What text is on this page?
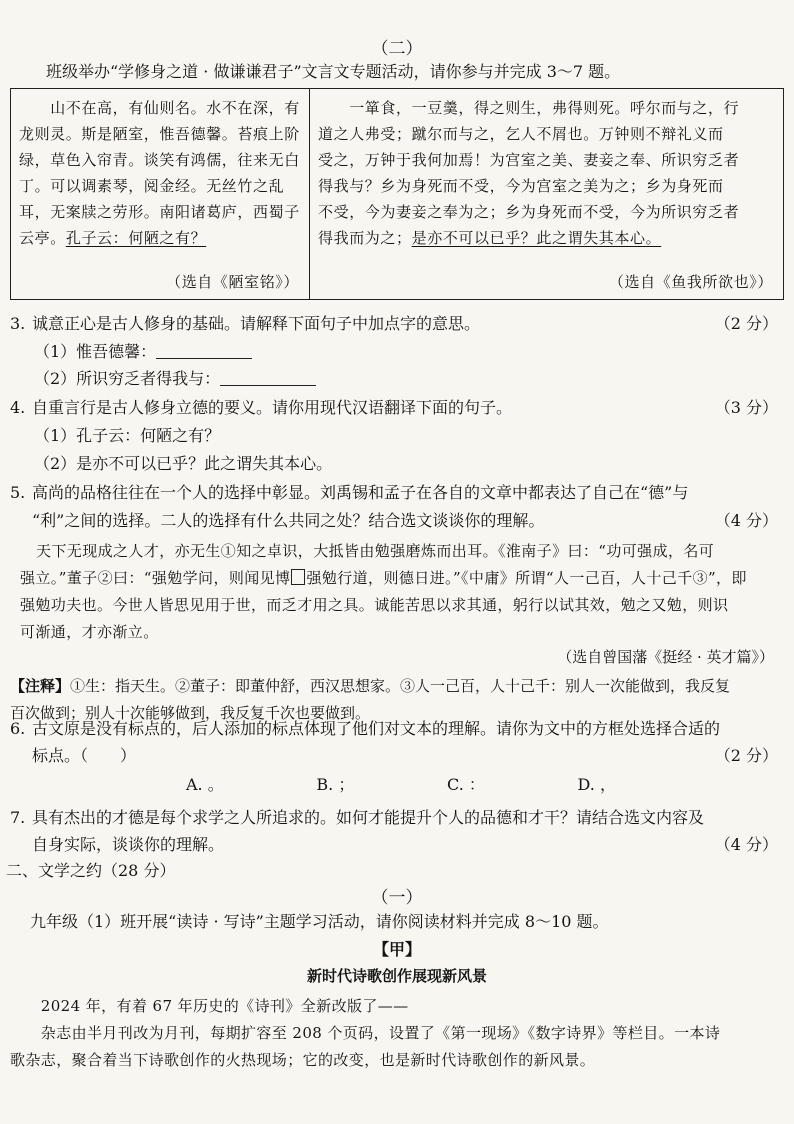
（二）
班级举办“学修身之道 · 做谦谦君子”文言文专题活动，请你参与并完成 3～7 题。
　　山不在高，有仙则名。水不在深，有
龙则灵。斯是陋室，惟吾德馨。苔痕上阶
绿，草色入帘青。谈笑有鸿儒，往来无白
丁。可以调素琴，阅金经。无丝竹之乱
耳，无案牍之劳形。南阳诸葛庐，西蜀子
云亭。孔子云：何陋之有？
（选自《陋室铭》）
　　一箪食，一豆羹，得之则生，弗得则死。呼尔而与之，行
道之人弗受；蹴尔而与之，乞人不屑也。万钟则不辩礼义而
受之，万钟于我何加焉！为宫室之美、妻妾之奉、所识穷乏者
得我与？乡为身死而不受，今为宫室之美为之；乡为身死而
不受，今为妻妾之奉为之；乡为身死而不受，今为所识穷乏者
得我而为之；是亦不可以已乎？此之谓失其本心。
（选自《鱼我所欲也》）
3. 诚意正心是古人修身的基础。请解释下面句子中加点字的意思。	（2 分）
（1）惟吾德馨：
（2）所识穷乏者得我与：
4. 自重言行是古人修身立德的要义。请你用现代汉语翻译下面的句子。	（3 分）
（1）孔子云：何陋之有？
（2）是亦不可以已乎？此之谓失其本心。
5. 高尚的品格往往在一个人的选择中彰显。刘禹锡和孟子在各自的文章中都表达了自己在“德”与
“利”之间的选择。二人的选择有什么共同之处？结合选文谈谈你的理解。	（4 分）
天下无现成之人才，亦无生①知之卓识，大抵皆由勉强磨炼而出耳。《淮南子》曰：“功可强成，名可
强立。”董子②曰：“强勉学问，则闻见博 强勉行道，则德日进。”《中庸》所谓“人一己百，人十己千③”，即
强勉功夫也。今世人皆思见用于世，而乏才用之具。诚能苦思以求其通，躬行以试其效，勉之又勉，则识
可渐通，才亦渐立。
（选自曾国藩《挺经 · 英才篇》）
【注释】①生：指天生。②董子：即董仲舒，西汉思想家。③人一己百，人十己千：别人一次能做到，我反复
百次做到；别人十次能够做到，我反复千次也要做到。
6. 古文原是没有标点的，后人添加的标点体现了他们对文本的理解。请你为文中的方框处选择合适的
标点。（　　）	（2 分）
A. 。	B. ；	C. ：	D. ，
7. 具有杰出的才德是每个求学之人所追求的。如何才能提升个人的品德和才干？请结合选文内容及
自身实际，谈谈你的理解。	（4 分）
二、文学之约（28 分）
（一）
九年级（1）班开展“读诗 · 写诗”主题学习活动，请你阅读材料并完成 8～10 题。
【甲】
新时代诗歌创作展现新风景
　　2024 年，有着 67 年历史的《诗刊》全新改版了——
　　杂志由半月刊改为月刊，每期扩容至 208 个页码，设置了《第一现场》《数字诗界》等栏目。一本诗
歌杂志，聚合着当下诗歌创作的火热现场；它的改变，也是新时代诗歌创作的新风景。
